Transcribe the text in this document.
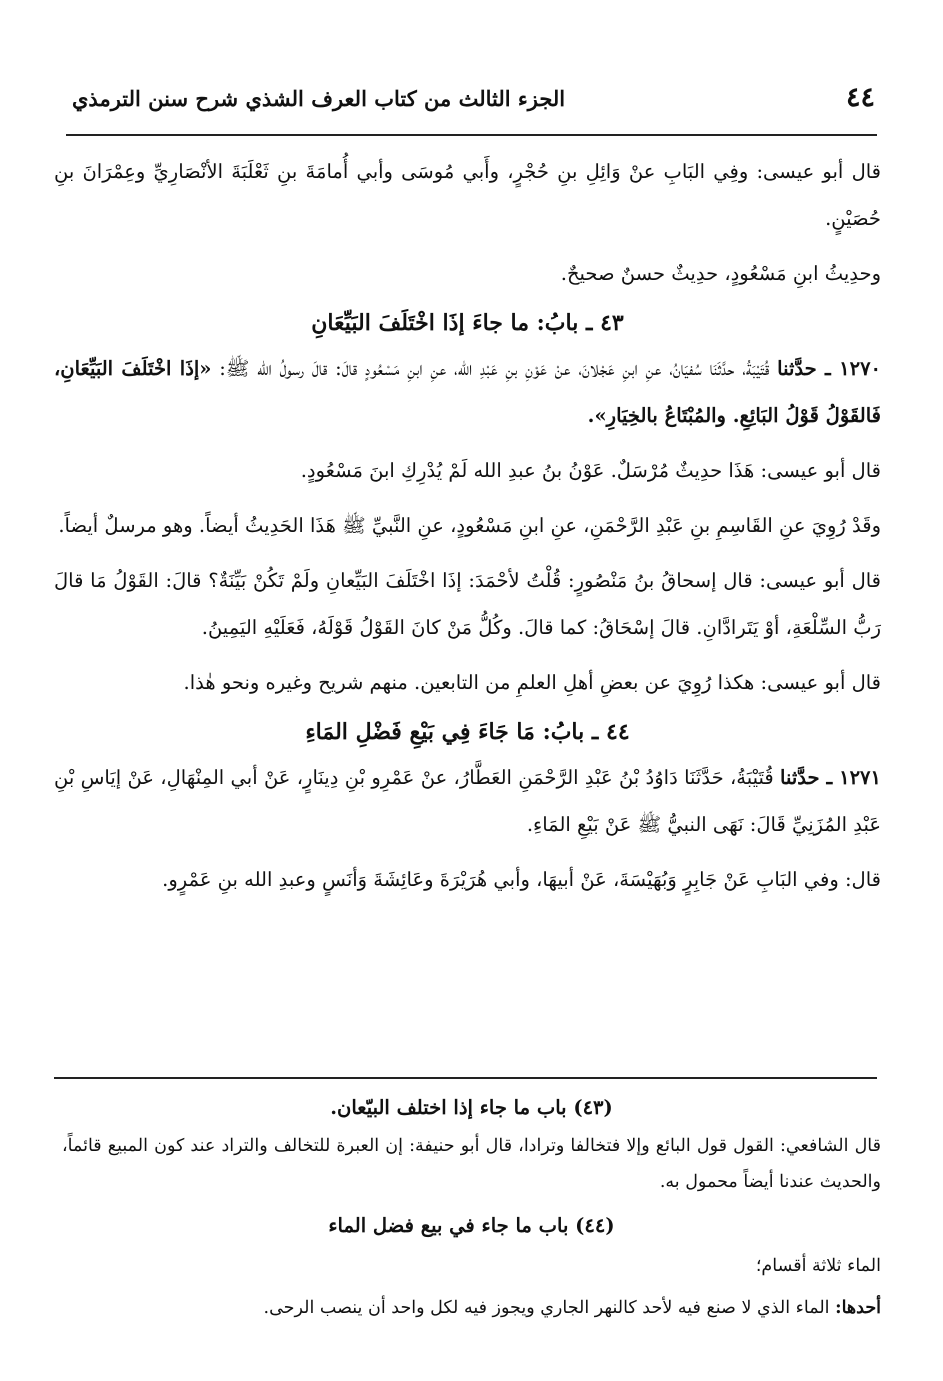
٤٤
الجزء الثالث من كتاب العرف الشذي شرح سنن الترمذي

قال أبو عيسى: وفِي البَابِ عنْ وَائِلِ بنِ حُجْرٍ، وأَبي مُوسَى وأبي أُمامَةَ بنِ ثَعْلَبَةَ الأنْصَارِيِّ وعِمْرَانَ بنِ حُصَيْنٍ.

وحدِيثُ ابنِ مَسْعُودٍ، حدِيثٌ حسنٌ صحيحٌ.

٤٣ ـ بابُ: ما جاءَ إذَا اخْتَلَفَ البَيِّعَانِ

١٢٧٠ ـ حدَّثنا قُتَيْبَةُ، حدَّثَنَا سُفيَانُ، عنِ ابنِ عَجْلانَ، عنْ عَوْنِ بنِ عَبْدِ الله، عنِ ابنِ مَسْعُودٍ قالَ: قالَ رسولُ الله ﷺ: «إذَا اخْتَلَفَ البَيِّعَانِ، فَالقَوْلُ قَوْلُ البَائِعِ. والمُبْتَاعُ بالخِيَارِ».

قال أبو عيسى: هَذَا حدِيثٌ مُرْسَلٌ. عَوْنُ بنُ عبدِ الله لَمْ يُدْرِكِ ابنَ مَسْعُودٍ.

وقَدْ رُوِيَ عنِ القَاسِمِ بنِ عَبْدِ الرَّحْمَنِ، عنِ ابنِ مَسْعُودٍ، عنِ النَّبيِّ ﷺ هَذَا الحَدِيثُ أيضاً. وهو مرسلٌ أيضاً.

قال أبو عيسى: قال إسحاقُ بنُ مَنْصُورٍ: قُلْتُ لأحْمَدَ: إذَا اخْتَلَفَ البَيِّعانِ ولَمْ تَكُنْ بَيِّنَةٌ؟ قالَ: القَوْلُ مَا قالَ رَبُّ السِّلْعَةِ، أوْ يَتَرادَّانِ. قالَ إسْحَاقُ: كما قالَ. وكُلُّ مَنْ كانَ القَوْلُ قَوْلَهُ، فَعَلَيْهِ اليَمِينُ.

قال أبو عيسى: هكذا رُوِيَ عن بعضِ أهلِ العلمِ من التابعين. منهم شريح وغيره ونحو هٰذا.

٤٤ ـ بابُ: مَا جَاءَ فِي بَيْعِ فَضْلِ المَاءِ

١٢٧١ ـ حدَّثنا قُتَيْبَةُ، حَدَّثَنَا دَاوُدُ بْنُ عَبْدِ الرَّحْمَنِ العَطَّارُ، عنْ عَمْرِو بْنِ دِينَارٍ، عَنْ أبي المِنْهَالِ، عَنْ إيَاسِ بْنِ عَبْدِ المُزَنِيِّ قَالَ: نَهَى النبيُّ ﷺ عَنْ بَيْعِ المَاءِ.

قال: وفي البَابِ عَنْ جَابِرٍ وَبُهَيْسَةَ، عَنْ أبيهَا، وأبي هُرَيْرَةَ وعَائِشَةَ وَأنَسٍ وعبدِ الله بنِ عَمْرٍو.

(٤٣) باب ما جاء إذا اختلف البيّعان.

قال الشافعي: القول قول البائع وإلا فتخالفا وترادا، قال أبو حنيفة: إن العبرة للتخالف والتراد عند كون المبيع قائماً، والحديث عندنا أيضاً محمول به.

(٤٤) باب ما جاء في بيع فضل الماء

الماء ثلاثة أقسام؛

أحدها: الماء الذي لا صنع فيه لأحد كالنهر الجاري ويجوز فيه لكل واحد أن ينصب الرحى.
